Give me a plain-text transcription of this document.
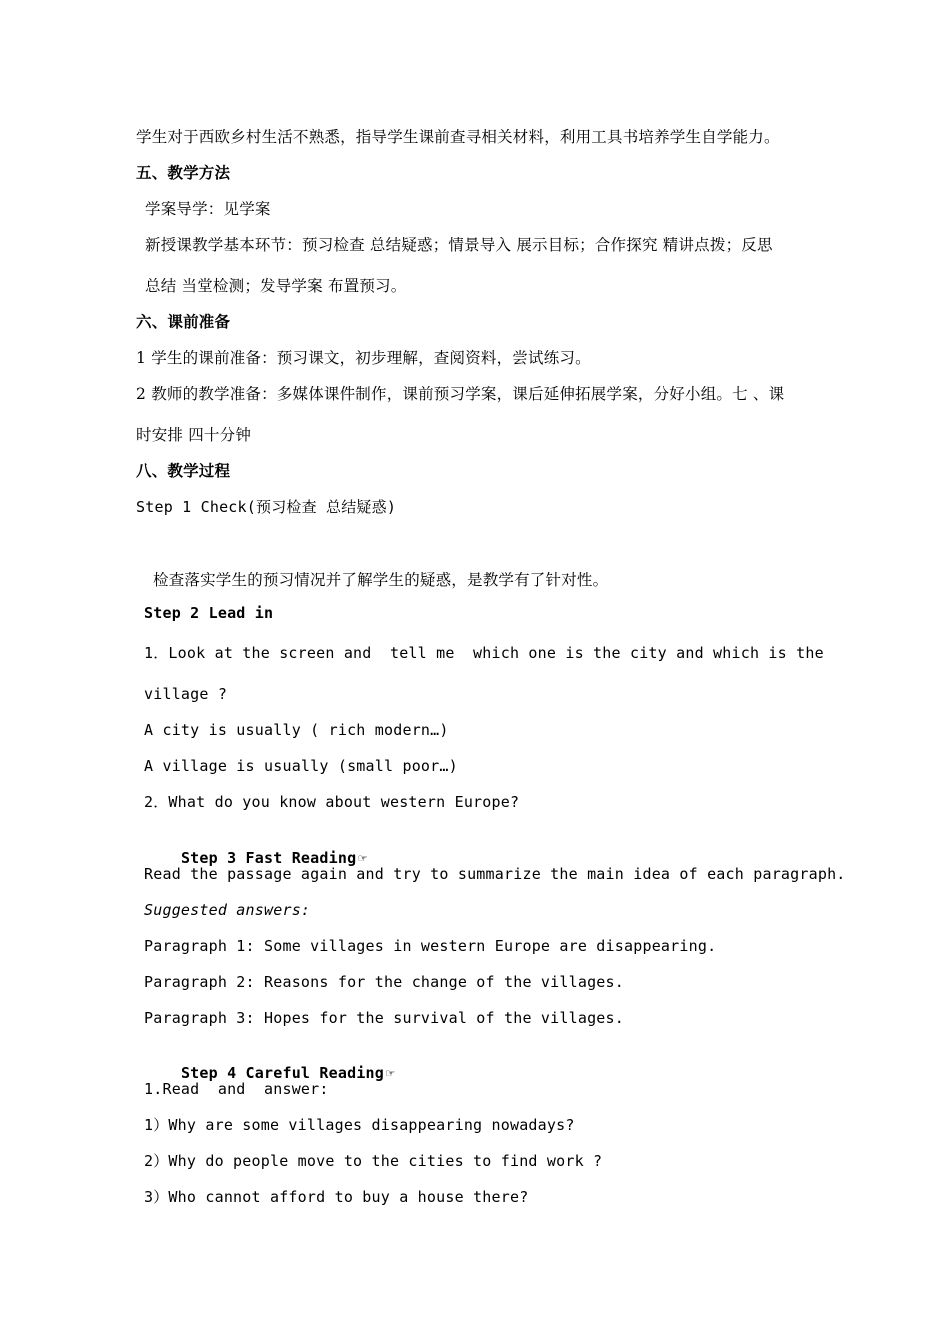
学生对于西欧乡村生活不熟悉，指导学生课前查寻相关材料，利用工具书培养学生自学能力。
五、教学方法
学案导学：见学案
新授课教学基本环节：预习检查 总结疑惑；情景导入 展示目标；合作探究 精讲点拨；反思
总结 当堂检测；发导学案 布置预习。
六、课前准备
1 学生的课前准备：预习课文，初步理解，查阅资料，尝试练习。
2 教师的教学准备：多媒体课件制作，课前预习学案，课后延伸拓展学案，分好小组。七 、课
时安排 四十分钟
八、教学过程
Step 1 Check(预习检查 总结疑惑)
检查落实学生的预习情况并了解学生的疑惑，是教学有了针对性。
Step 2 Lead in
1．Look at the screen and  tell me  which one is the city and which is the
village ?
A city is usually ( rich modern…)
A village is usually (small poor…)
2．What do you know about western Europe?

Step 3 Fast Reading ☞

Read the passage again and try to summarize the main idea of each paragraph.
Suggested answers:
Paragraph 1: Some villages in western Europe are disappearing.
Paragraph 2: Reasons for the change of the villages.
Paragraph 3: Hopes for the survival of the villages.

Step 4 Careful Reading ☞

1.Read  and  answer:
1）Why are some villages disappearing nowadays?
2）Why do people move to the cities to find work ?
3）Who cannot afford to buy a house there?
